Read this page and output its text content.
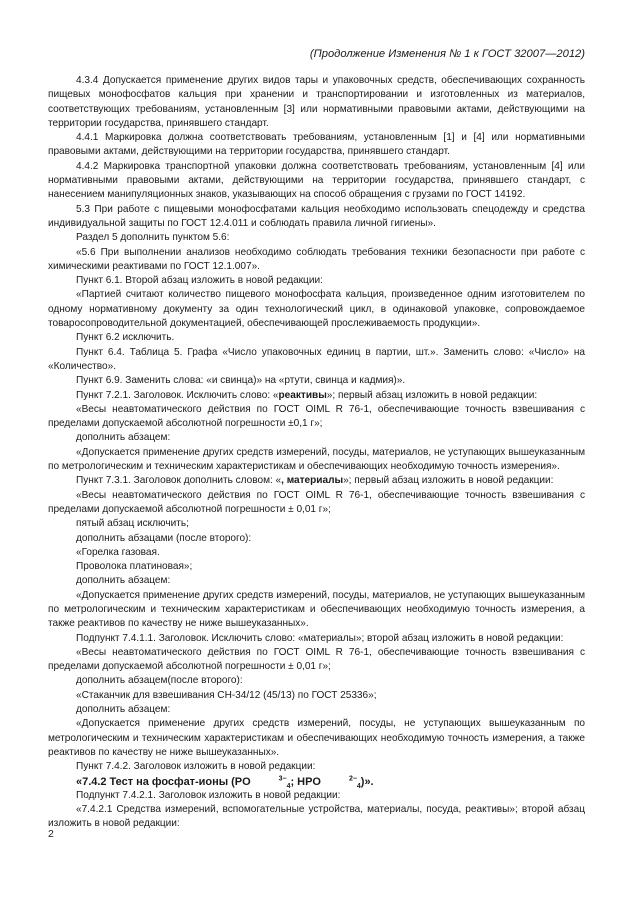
(Продолжение Изменения № 1 к ГОСТ 32007—2012)

4.3.4 Допускается применение других видов тары и упаковочных средств, обеспечивающих сохранность пищевых монофосфатов кальция при хранении и транспортировании и изготовленных из материалов, соответствующих требованиям, установленным [3] или нормативными правовыми актами, действующими на территории государства, принявшего стандарт.

4.4.1 Маркировка должна соответствовать требованиям, установленным [1] и [4] или нормативными правовыми актами, действующими на территории государства, принявшего стандарт.

4.4.2 Маркировка транспортной упаковки должна соответствовать требованиям, установленным [4] или нормативными правовыми актами, действующими на территории государства, принявшего стандарт, с нанесением манипуляционных знаков, указывающих на способ обращения с грузами по ГОСТ 14192.

5.3 При работе с пищевыми монофосфатами кальция необходимо использовать спецодежду и средства индивидуальной защиты по ГОСТ 12.4.011 и соблюдать правила личной гигиены».

Раздел 5 дополнить пунктом 5.6:

«5.6 При выполнении анализов необходимо соблюдать требования техники безопасности при работе с химическими реактивами по ГОСТ 12.1.007».

Пункт 6.1. Второй абзац изложить в новой редакции:

«Партией считают количество пищевого монофосфата кальция, произведенное одним изготовителем по одному нормативному документу за один технологический цикл, в одинаковой упаковке, сопровождаемое товаросопроводительной документацией, обеспечивающей прослеживаемость продукции».

Пункт 6.2 исключить.

Пункт 6.4. Таблица 5. Графа «Число упаковочных единиц в партии, шт.». Заменить слово: «Число» на «Количество».

Пункт 6.9. Заменить слова: «и свинца)» на «ртути, свинца и кадмия)».

Пункт 7.2.1. Заголовок. Исключить слово: «реактивы»; первый абзац изложить в новой редакции:

«Весы неавтоматического действия по ГОСТ OIML R 76-1, обеспечивающие точность взвешивания с пределами допускаемой абсолютной погрешности ±0,1 г»;

дополнить абзацем:

«Допускается применение других средств измерений, посуды, материалов, не уступающих вышеуказанным по метрологическим и техническим характеристикам и обеспечивающих необходимую точность измерения».

Пункт 7.3.1. Заголовок дополнить словом: «, материалы»; первый абзац изложить в новой редакции:

«Весы неавтоматического действия по ГОСТ OIML R 76-1, обеспечивающие точность взвешивания с пределами допускаемой абсолютной погрешности ± 0,01 г»;

пятый абзац исключить;

дополнить абзацами (после второго):

«Горелка газовая.

Проволока платиновая»;

дополнить абзацем:

«Допускается применение других средств измерений, посуды, материалов, не уступающих вышеуказанным по метрологическим и техническим характеристикам и обеспечивающих необходимую точность измерения, а также реактивов по качеству не ниже вышеуказанных».

Подпункт 7.4.1.1. Заголовок. Исключить слово: «материалы»; второй абзац изложить в новой редакции:

«Весы неавтоматического действия по ГОСТ OIML R 76-1, обеспечивающие точность взвешивания с пределами допускаемой абсолютной погрешности ± 0,01 г»;

дополнить абзацем(после второго):

«Стаканчик для взвешивания СН-34/12 (45/13) по ГОСТ 25336»;

дополнить абзацем:

«Допускается применение других средств измерений, посуды, не уступающих вышеуказанным по метрологическим и техническим характеристикам и обеспечивающих необходимую точность измерения, а также реактивов по качеству не ниже вышеуказанных».

Пункт 7.4.2. Заголовок изложить в новой редакции:

«7.4.2 Тест на фосфат-ионы (PO	$^{3-}_4$; HPO	$^{2-}_4$)».

Подпункт 7.4.2.1. Заголовок изложить в новой редакции:

«7.4.2.1 Средства измерений, вспомогательные устройства, материалы, посуда, реактивы»; второй абзац изложить в новой редакции:

2
